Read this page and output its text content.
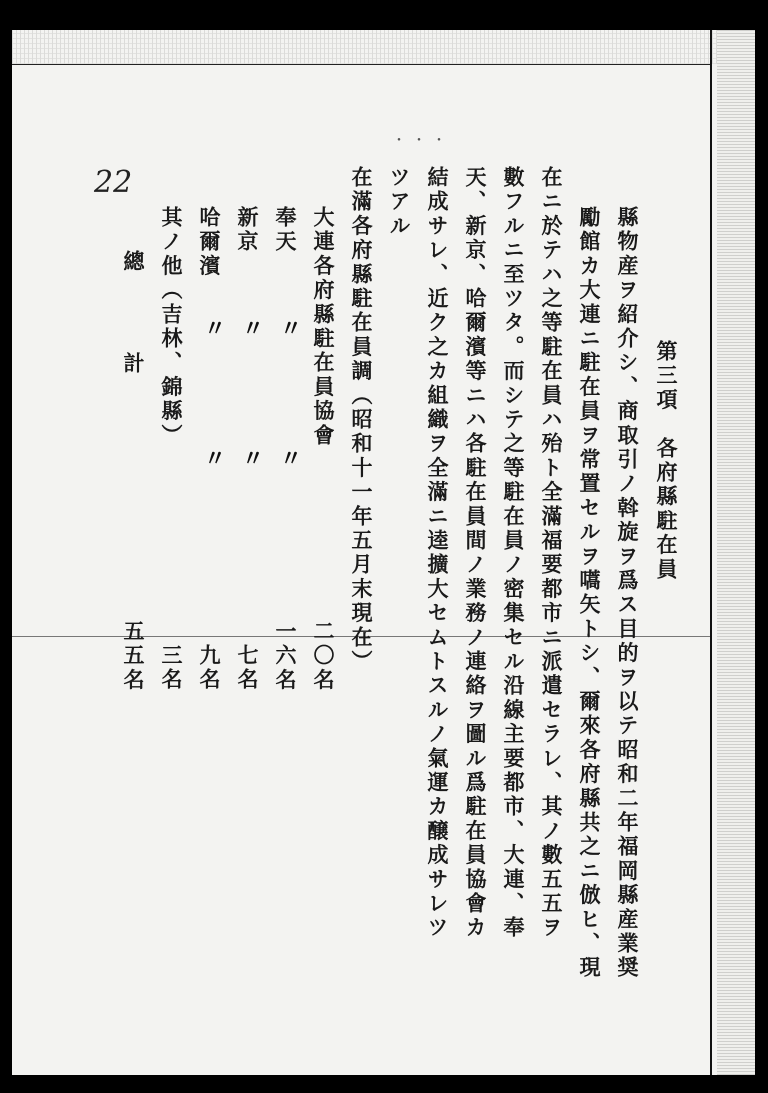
・・・
22
第三項　各府縣駐在員
縣物産ヲ紹介シ、商取引ノ斡旋ヲ爲ス目的ヲ以テ昭和二年福岡縣産業奨
勵館カ大連ニ駐在員ヲ常置セルヲ嚆矢トシ、爾來各府縣共之ニ倣ヒ、現
在ニ於テハ之等駐在員ハ殆ト全滿福要都市ニ派遣セラレ、其ノ數五五ヲ
數フルニ至ツタ。而シテ之等駐在員ノ密集セル沿線主要都市、大連、奉
天、新京、哈爾濱等ニハ各駐在員間ノ業務ノ連絡ヲ圖ル爲駐在員協會カ
結成サレ、近ク之カ組織ヲ全滿ニ逵擴大セムトスルノ氣運カ醸成サレツ
ツアル
在滿各府縣駐在員調（昭和十一年五月末現在）
大連各府縣駐在員協會
奉天
新京
哈爾濱
其ノ他（吉林、錦縣）	〃
〃
〃
〃
〃
〃
二〇名
一六名
七名
九名
三名
總　計
五五名
